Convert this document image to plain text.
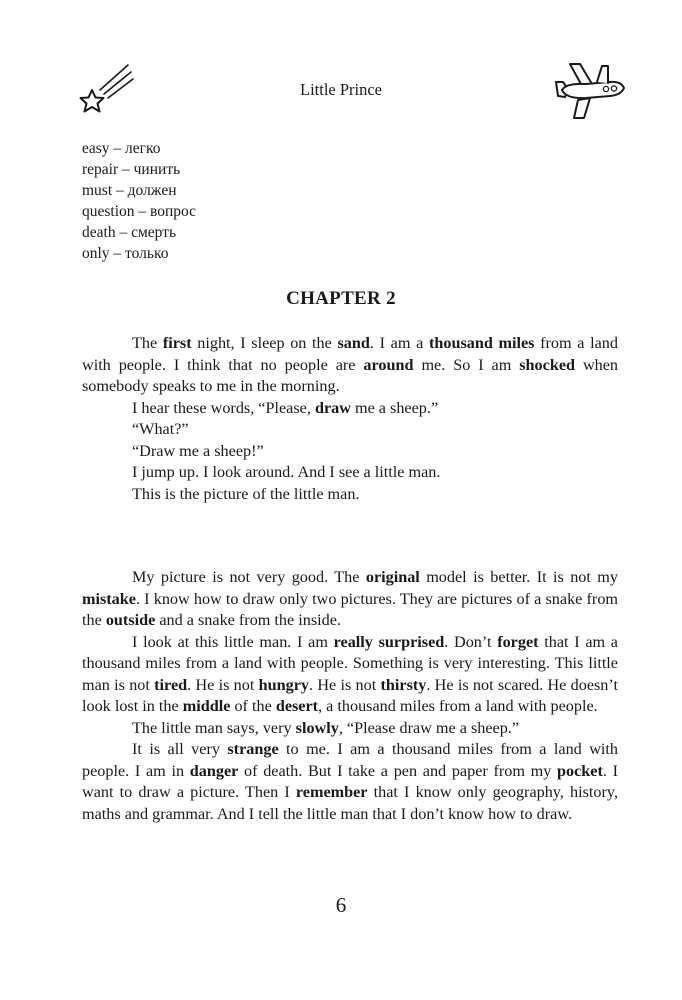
Little Prince
easy – легко
repair – чинить
must – должен
question – вопрос
death – смерть
only – только
CHAPTER 2

The first night, I sleep on the sand. I am a thousand miles from a land with people. I think that no people are around me. So I am shocked when somebody speaks to me in the morning.

I hear these words, “Please, draw me a sheep.”

“What?”

“Draw me a sheep!”

I jump up. I look around. And I see a little man.

This is the picture of the little man.

My picture is not very good. The original model is better. It is not my mistake. I know how to draw only two pictures. They are pictures of a snake from the outside and a snake from the inside.

I look at this little man. I am really surprised. Don’t forget that I am a thousand miles from a land with people. Something is very interesting. This little man is not tired. He is not hungry. He is not thirsty. He is not scared. He doesn’t look lost in the middle of the desert, a thousand miles from a land with people.

The little man says, very slowly, “Please draw me a sheep.”

It is all very strange to me. I am a thousand miles from a land with people. I am in danger of death. But I take a pen and paper from my pocket. I want to draw a picture. Then I remember that I know only geography, history, maths and grammar. And I tell the little man that I don’t know how to draw.

6
